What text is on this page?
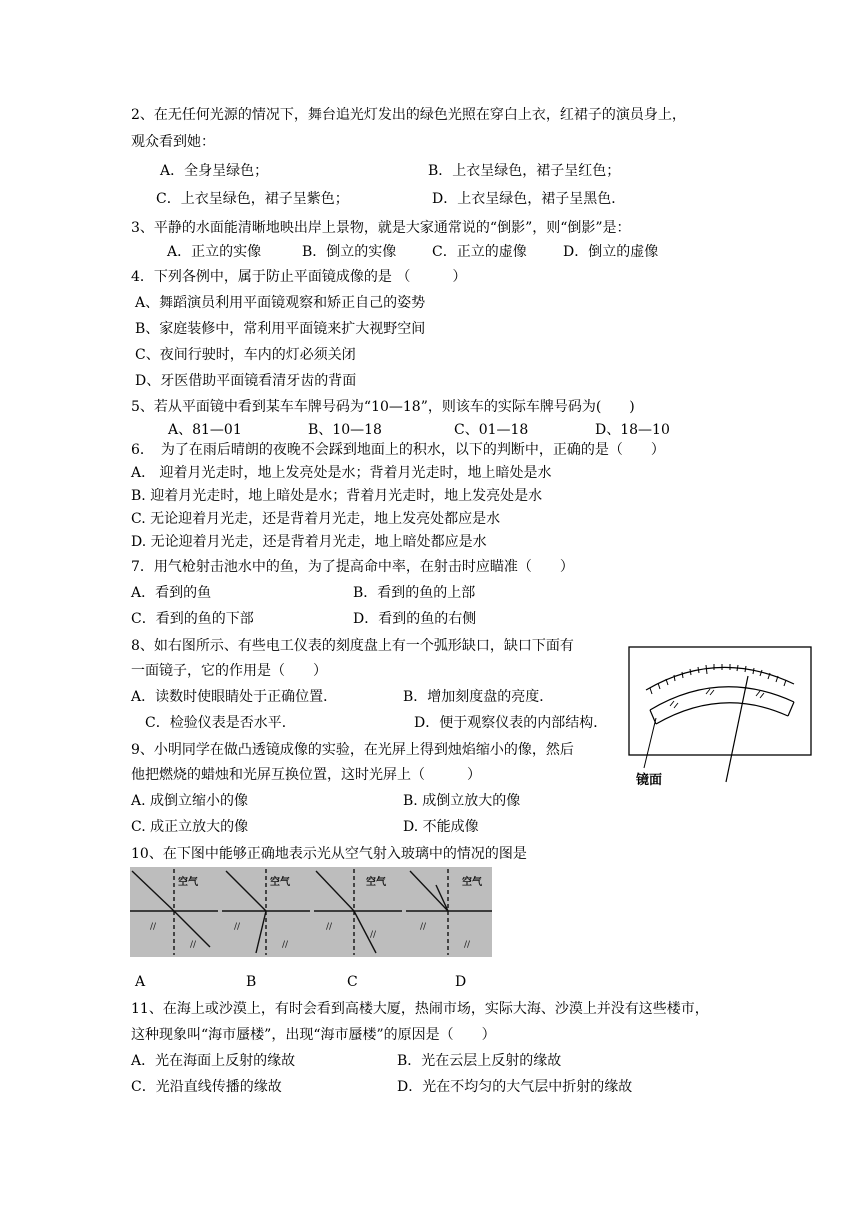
2、在无任何光源的情况下，舞台追光灯发出的绿色光照在穿白上衣，红裙子的演员身上，
观众看到她：
A．全身呈绿色；	B．上衣呈绿色，裙子呈红色；
C．上衣呈绿色，裙子呈紫色；	D．上衣呈绿色，裙子呈黑色．
3、平静的水面能清晰地映出岸上景物，就是大家通常说的“倒影”，则“倒影”是：
A．正立的实像	B．倒立的实像	C．正立的虚像	D．倒立的虚像
4．下列各例中，属于防止平面镜成像的是 （　　　）
A、舞蹈演员利用平面镜观察和矫正自己的姿势
B、家庭装修中，常利用平面镜来扩大视野空间
C、夜间行驶时，车内的灯必须关闭
D、牙医借助平面镜看清牙齿的背面
5、若从平面镜中看到某车车牌号码为“10—18”，则该车的实际车牌号码为(　　)
A、81—01	B、10—18	C、01—18	D、18—10
6．　为了在雨后晴朗的夜晚不会踩到地面上的积水，以下的判断中，正确的是（　　）
A． 迎着月光走时，地上发亮处是水；背着月光走时，地上暗处是水
B. 迎着月光走时，地上暗处是水；背着月光走时，地上发亮处是水
C. 无论迎着月光走，还是背着月光走，地上发亮处都应是水
D. 无论迎着月光走，还是背着月光走，地上暗处都应是水
7．用气枪射击池水中的鱼，为了提高命中率，在射击时应瞄准（　　）
A．看到的鱼	B．看到的鱼的上部
C．看到的鱼的下部	D．看到的鱼的右侧
8、如右图所示、有些电工仪表的刻度盘上有一个弧形缺口，缺口下面有
一面镜子，它的作用是（　　）
A．读数时使眼睛处于正确位置．	B．增加刻度盘的亮度．
C．检验仪表是否水平．	D．便于观察仪表的内部结构．
镜面
9、小明同学在做凸透镜成像的实验，在光屏上得到烛焰缩小的像，然后
他把燃烧的蜡烛和光屏互换位置，这时光屏上（　　　）
A. 成倒立缩小的像	B. 成倒立放大的像
C. 成正立放大的像	D. 不能成像
10、在下图中能够正确地表示光从空气射入玻璃中的情况的图是
空气	空气	空气	空气
//
//
//
//
//
//
//
//
A	B	C	D
11、在海上或沙漠上，有时会看到高楼大厦，热闹市场，实际大海、沙漠上并没有这些楼市，
这种现象叫“海市蜃楼”，出现“海市蜃楼”的原因是（　　）
A．光在海面上反射的缘故	B．光在云层上反射的缘故
C．光沿直线传播的缘故	D．光在不均匀的大气层中折射的缘故
